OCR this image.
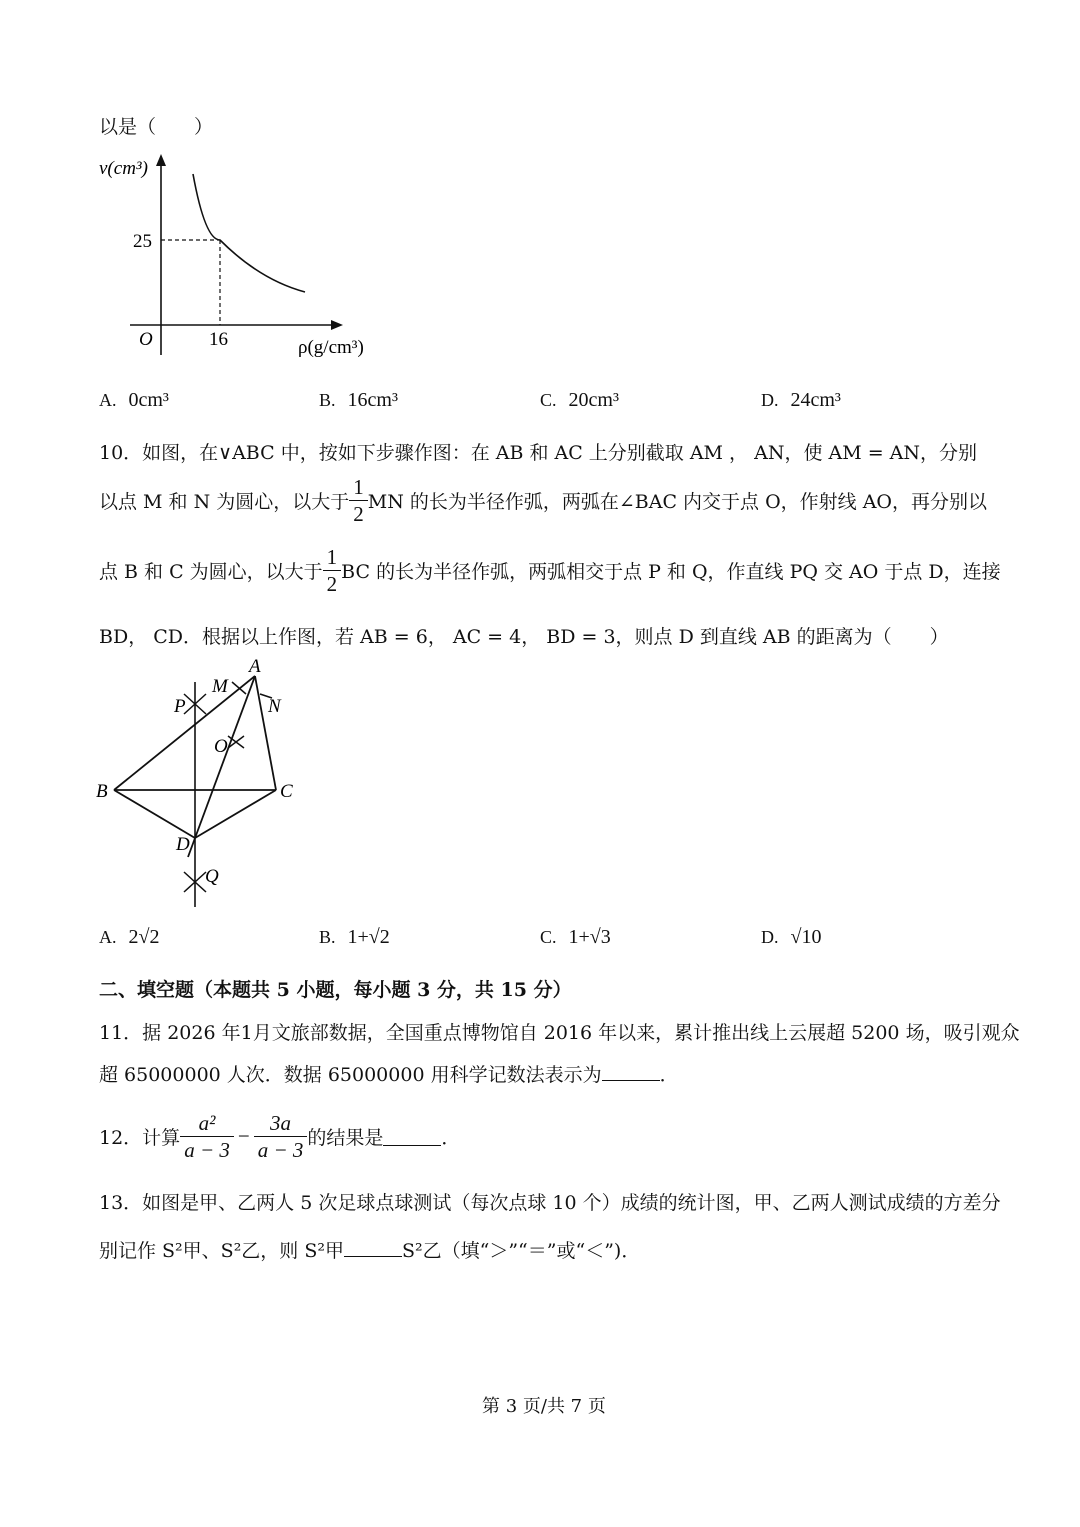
以是（　　）
v(cm³)
O
25
16	ρ(g/cm³)
A. 0cm³	B. 16cm³	C. 20cm³	D. 24cm³
10．如图，在∨ABC 中，按如下步骤作图：在 AB 和 AC 上分别截取 AM ， AN，使 AM = AN，分别
以点 M 和 N 为圆心，以大于 $\frac{1}{2}$ MN 的长为半径作弧，两弧在∠BAC 内交于点 O，作射线 AO，再分别以
点 B 和 C 为圆心，以大于 $\frac{1}{2}$ BC 的长为半径作弧，两弧相交于点 P 和 Q，作直线 PQ 交 AO 于点 D，连接
BD， CD．根据以上作图，若 AB = 6， AC = 4， BD = 3，则点 D 到直线 AB 的距离为（　　）
A
M
N
P
O
B	C
D
Q
A. 2√2	B. 1+√2	C. 1+√3	D. √10
二、填空题（本题共 5 小题，每小题 3 分，共 15 分）
11．据 2026 年1月文旅部数据，全国重点博物馆自 2016 年以来，累计推出线上云展超 5200 场，吸引观众
超 65000000 人次．数据 65000000 用科学记数法表示为	．
12．计算 $\frac{\text{a²}}{a - 3} - \frac{3a}{a - 3}$ 的结果是	．
13．如图是甲、乙两人 5 次足球点球测试（每次点球 10 个）成绩的统计图，甲、乙两人测试成绩的方差分
别记作 S²甲、S²乙，则 S²甲	S²乙（填“＞”“＝”或“＜”)．
第 3 页/共 7 页
